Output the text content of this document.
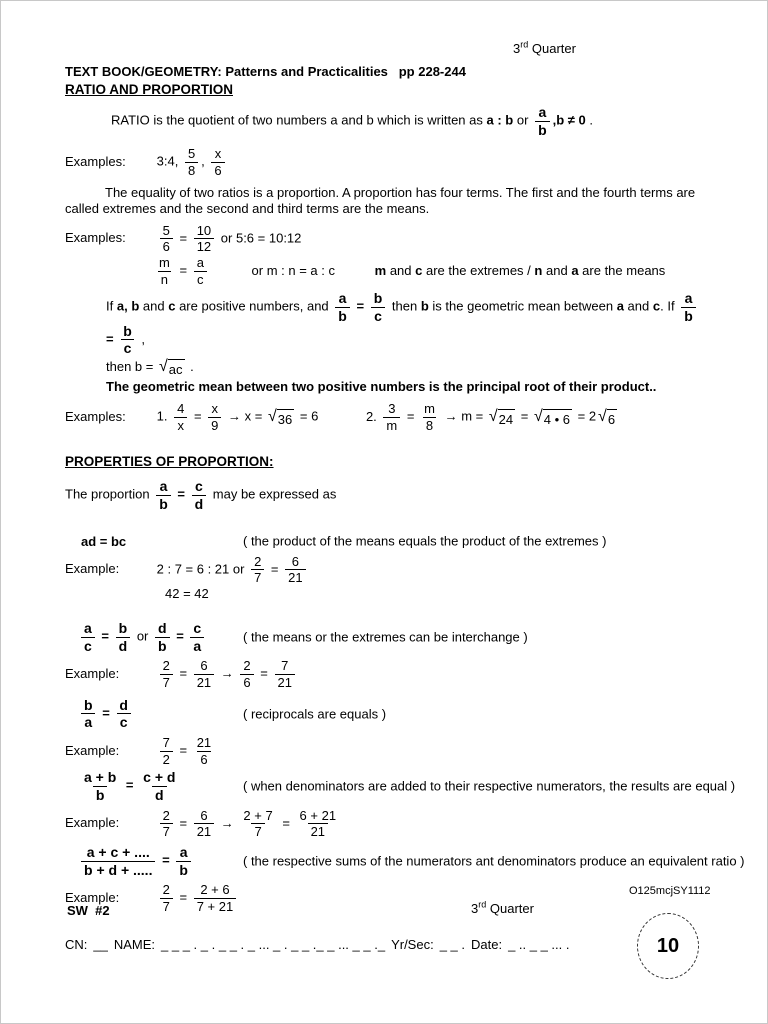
3rd Quarter
TEXT BOOK/GEOMETRY: Patterns and Practicalities   pp 228-244
RATIO AND PROPORTION
RATIO is the quotient of two numbers a and b which is written as a : b or $\frac{a}{b} ,b \ne 0$ .
Examples: 3:4, $\frac{5}{8}$ , $\frac{x}{6}$
The equality of two ratios is a proportion. A proportion has four terms. The first and the fourth terms are called extremes and the second and third terms are the means.
Examples:	$\frac{5}{6} = \frac{10}{12}$ or 5:6 = 10:12
$\frac{m}{n} = \frac{a}{c}$	or m : n = a : c	m and c are the extremes / n and a are the means
If a, b and c are positive numbers, and $\frac{a}{b} = \frac{b}{c}$ then b is the geometric mean between a and c. If $\frac{a}{b}$
= $\frac{b}{c}$ ,
then b = √ ac .
The geometric mean between two positive numbers is the principal root of their product..
Examples: 1. $\frac{4}{x} = \frac{x}{9} \to x$ = √ 36 = 6	2. $\frac{3}{m} = \frac{m}{8} \to m$ = √ 24 = √ 4 • 6 = 2 √ 6
PROPERTIES OF PROPORTION:
The proportion $\frac{a}{b} = \frac{c}{d}$ may be expressed as
ad = bc	( the product of the means equals the product of the extremes )
Example:	2 : 7 = 6 : 21 or $\frac{2}{7} = \frac{6}{21}$
42 = 42
$\frac{a}{c} = \frac{b}{d}$ or $\frac{d}{b} = \frac{c}{a}$	( the means or the extremes can be interchange )
Example:	$\frac{2}{7} = \frac{6}{21} \to \frac{2}{6} = \frac{7}{21}$
$\frac{b}{a} = \frac{d}{c}$	( reciprocals are equals )
Example:	$\frac{7}{2} = \frac{21}{6}$
$\frac{a + b}{b} = \frac{c + d}{d}$	( when denominators are added to their respective numerators, the results are equal )
Example:	$\frac{2}{7} = \frac{6}{21} \to \frac{2 + 7}{7} = \frac{6 + 21}{21}$
$\frac{a + c + ....}{b + d + .....} = \frac{a}{b}$	( the respective sums of the numerators ant denominators produce an equivalent ratio )
Example:	$\frac{2}{7} = \frac{2 + 6}{7 + 21}$	O125mcjSY1112
SW  #2	3rd Quarter
CN: __ NAME: _ _ _ . _ . _ _ . _ ... _ . _ _ ._ _ ... _ _ ._ Yr/Sec: _ _ . Date: _ .. _ _ ... .	10
